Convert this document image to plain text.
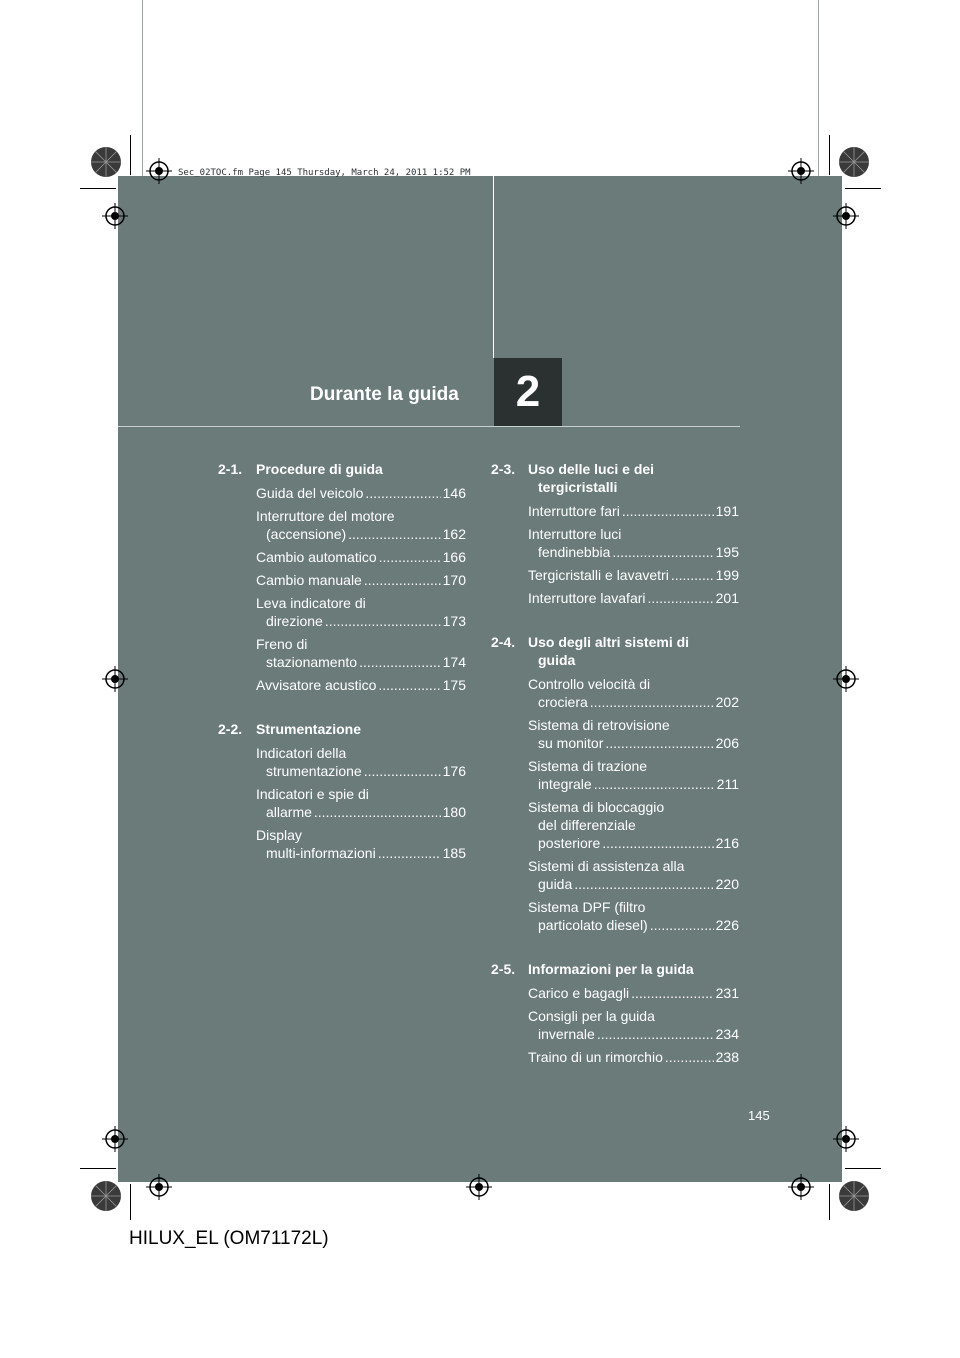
Sec_02TOC.fm Page 145 Thursday, March 24, 2011 1:52 PM
Durante la guida	2
2-1. Procedure di guida
Guida del veicolo .....	146
Interruttore del motore
(accensione) .....	162
Cambio automatico .....	166
Cambio manuale .....	170
Leva indicatore di
direzione .....	173
Freno di
stazionamento .....	174
Avvisatore acustico .....	175
2-2. Strumentazione
Indicatori della
strumentazione .....	176
Indicatori e spie di
allarme .....	180
Display
multi-informazioni .....	185
2-3. Uso delle luci e dei
tergicristalli
Interruttore fari .....	191
Interruttore luci
fendinebbia .....	195
Tergicristalli e lavavetri .....	199
Interruttore lavafari .....	201
2-4. Uso degli altri sistemi di
guida
Controllo velocità di
crociera .....	202
Sistema di retrovisione
su monitor .....	206
Sistema di trazione
integrale .....	211
Sistema di bloccaggio
del differenziale
posteriore .....	216
Sistemi di assistenza alla
guida .....	220
Sistema DPF (filtro
particolato diesel) .....	226
2-5. Informazioni per la guida
Carico e bagagli .....	231
Consigli per la guida
invernale .....	234
Traino di un rimorchio .....	238
145
HILUX_EL (OM71172L)
